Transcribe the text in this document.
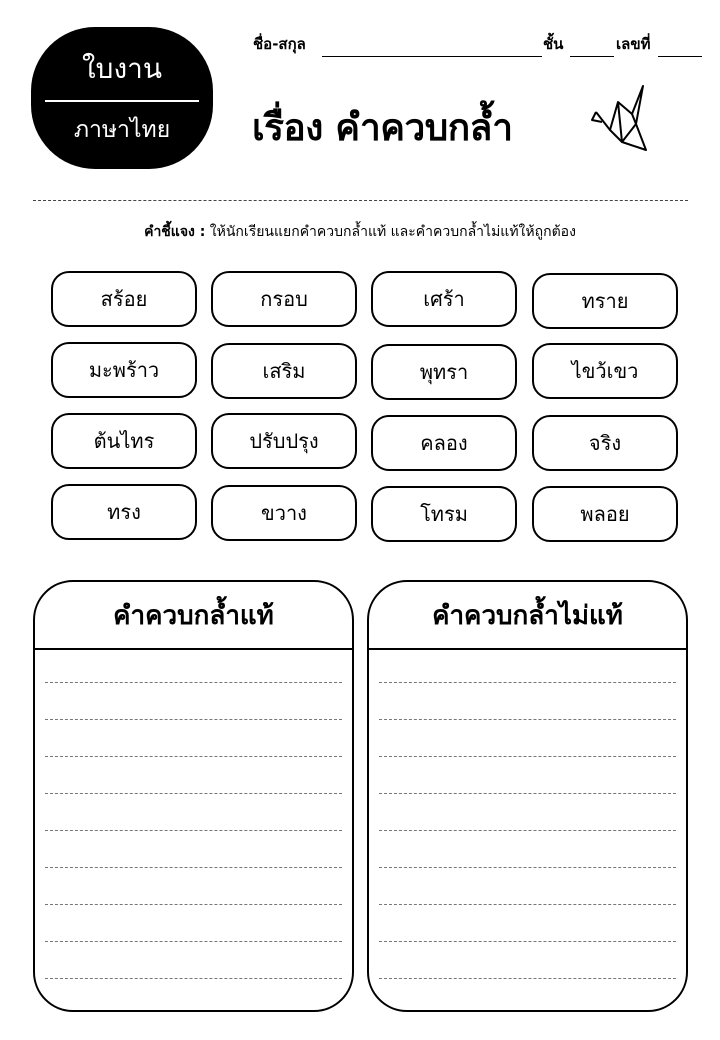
ใบงาน
ภาษาไทย
ชื่อ-สกุล	ชั้น	เลขที่
เรื่อง คำควบกล้ำ
คำชี้แจง : ให้นักเรียนแยกคำควบกล้ำแท้ และคำควบกล้ำไม่แท้ให้ถูกต้อง
สร้อย	กรอบ	เศร้า	ทราย
มะพร้าว	เสริม	พุทรา	ไขว้เขว
ต้นไทร	ปรับปรุง	คลอง	จริง
ทรง	ขวาง	โทรม	พลอย
คำควบกล้ำแท้	คำควบกล้ำไม่แท้
